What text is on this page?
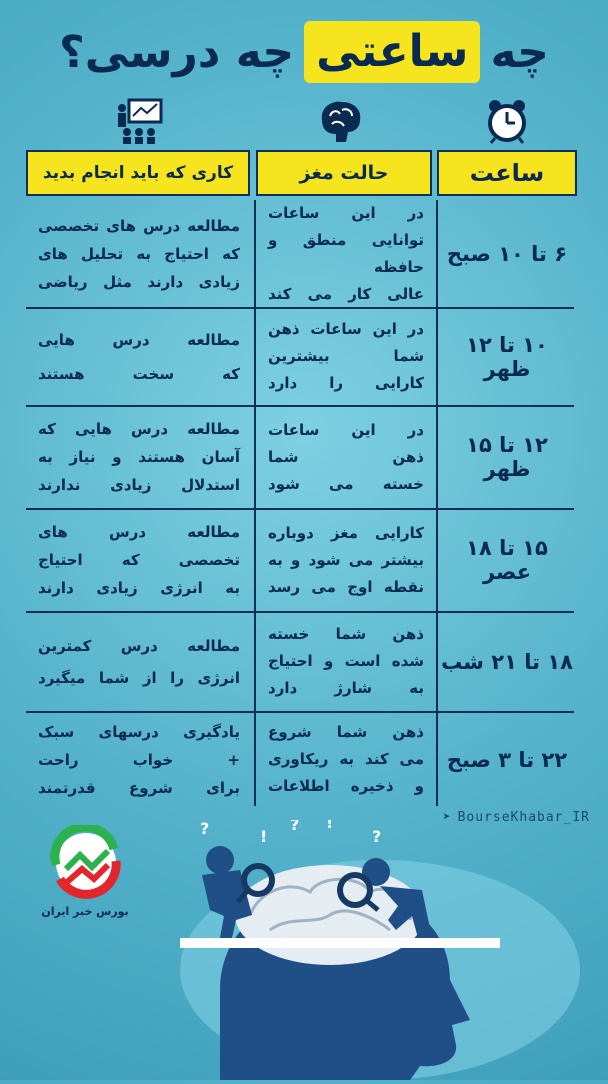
چه
ساعتی
چه درسی؟
ساعت
حالت مغز
کاری که باید انجام بدید
۶ تا ۱۰ صبح
در این ساعات
توانایی منطق و حافظه
عالی کار می کند
مطالعه درس های تخصصی
که احتیاج به تحلیل های
زیادی دارند مثل ریاضی
۱۰ تا ۱۲ ظهر
در این ساعات ذهن
شما بیشترین
کارایی را دارد
مطالعه درس هایی
که سخت هستند
۱۲ تا ۱۵ ظهر
در این ساعات
ذهن شما
خسته می شود
مطالعه درس هایی که
آسان هستند و نیاز به
استدلال زیادی ندارند
۱۵ تا ۱۸ عصر
کارایی مغز دوباره
بیشتر می شود و به
نقطه اوج می رسد
مطالعه درس های
تخصصی که احتیاج
به انرژی زیادی دارند
۱۸ تا ۲۱ شب
ذهن شما خسته
شده است و احتیاج
به شارژ دارد
مطالعه درس کمترین
انرژی را از شما میگیرد
۲۲ تا ۳ صبح
ذهن شما شروع
می کند به ریکاوری
و ذخیره اطلاعات
یادگیری درسهای سبک
+ خواب راحت
برای شروع قدرتمند
➤ BourseKhabar_IR
بورس خبر ایران
?	!
? !
?
